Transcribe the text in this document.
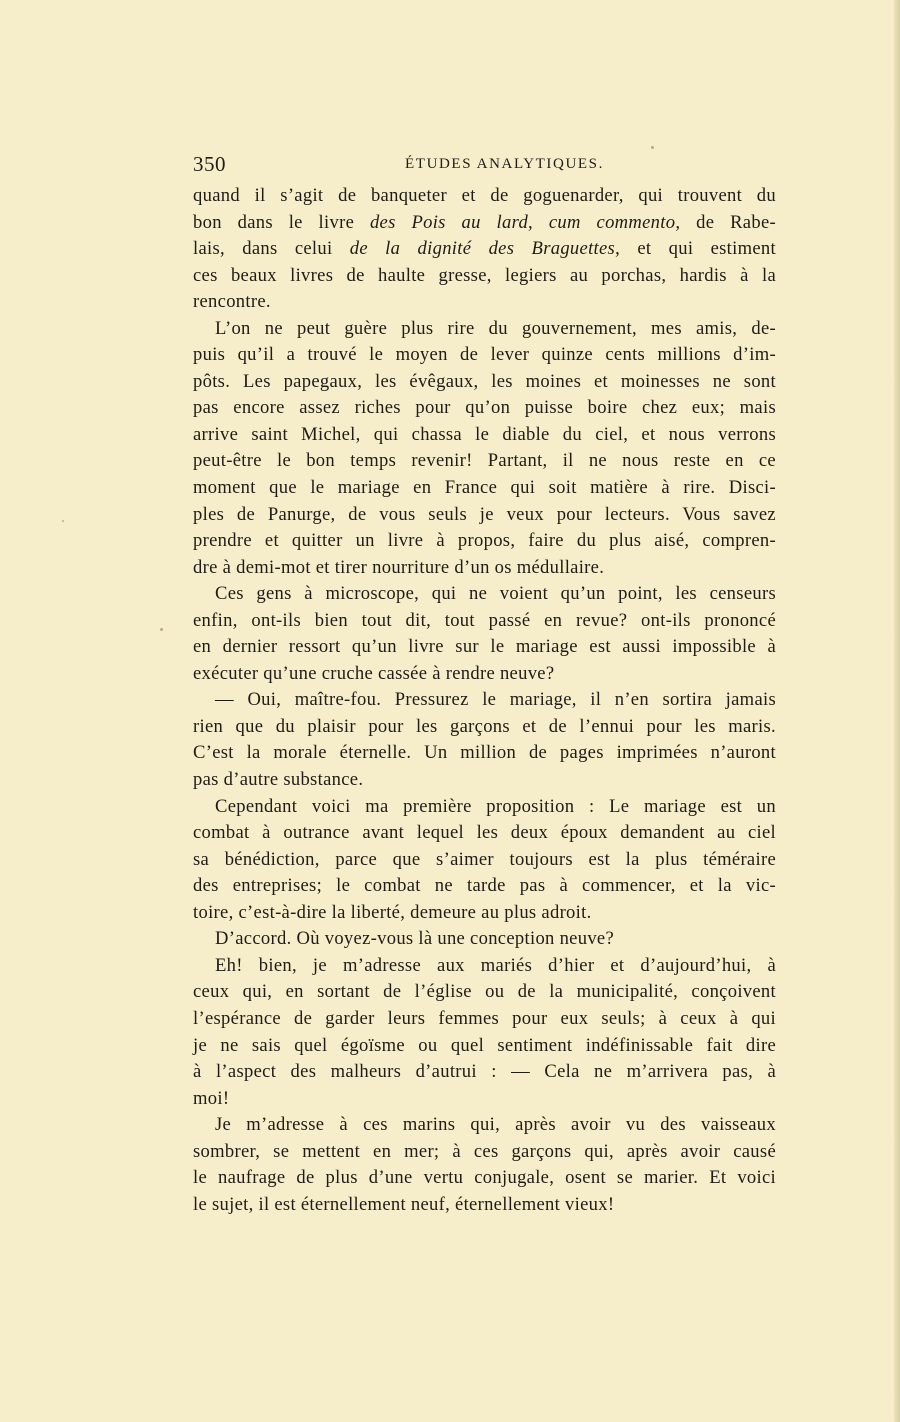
350	ÉTUDES ANALYTIQUES.
quand il s’agit de banqueter et de goguenarder, qui trouvent du
bon dans le livre des Pois au lard, cum commento, de Rabe-
lais, dans celui de la dignité des Braguettes, et qui estiment
ces beaux livres de haulte gresse, legiers au porchas, hardis à la
rencontre.
L’on ne peut guère plus rire du gouvernement, mes amis, de-
puis qu’il a trouvé le moyen de lever quinze cents millions d’im-
pôts. Les papegaux, les évêgaux, les moines et moinesses ne sont
pas encore assez riches pour qu’on puisse boire chez eux; mais
arrive saint Michel, qui chassa le diable du ciel, et nous verrons
peut-être le bon temps revenir! Partant, il ne nous reste en ce
moment que le mariage en France qui soit matière à rire. Disci-
ples de Panurge, de vous seuls je veux pour lecteurs. Vous savez
prendre et quitter un livre à propos, faire du plus aisé, compren-
dre à demi-mot et tirer nourriture d’un os médullaire.
Ces gens à microscope, qui ne voient qu’un point, les censeurs
enfin, ont-ils bien tout dit, tout passé en revue? ont-ils prononcé
en dernier ressort qu’un livre sur le mariage est aussi impossible à
exécuter qu’une cruche cassée à rendre neuve?
— Oui, maître-fou. Pressurez le mariage, il n’en sortira jamais
rien que du plaisir pour les garçons et de l’ennui pour les maris.
C’est la morale éternelle. Un million de pages imprimées n’auront
pas d’autre substance.
Cependant voici ma première proposition : Le mariage est un
combat à outrance avant lequel les deux époux demandent au ciel
sa bénédiction, parce que s’aimer toujours est la plus téméraire
des entreprises; le combat ne tarde pas à commencer, et la vic-
toire, c’est-à-dire la liberté, demeure au plus adroit.
D’accord. Où voyez-vous là une conception neuve?
Eh! bien, je m’adresse aux mariés d’hier et d’aujourd’hui, à
ceux qui, en sortant de l’église ou de la municipalité, conçoivent
l’espérance de garder leurs femmes pour eux seuls; à ceux à qui
je ne sais quel égoïsme ou quel sentiment indéfinissable fait dire
à l’aspect des malheurs d’autrui : — Cela ne m’arrivera pas, à
moi!
Je m’adresse à ces marins qui, après avoir vu des vaisseaux
sombrer, se mettent en mer; à ces garçons qui, après avoir causé
le naufrage de plus d’une vertu conjugale, osent se marier. Et voici
le sujet, il est éternellement neuf, éternellement vieux!
